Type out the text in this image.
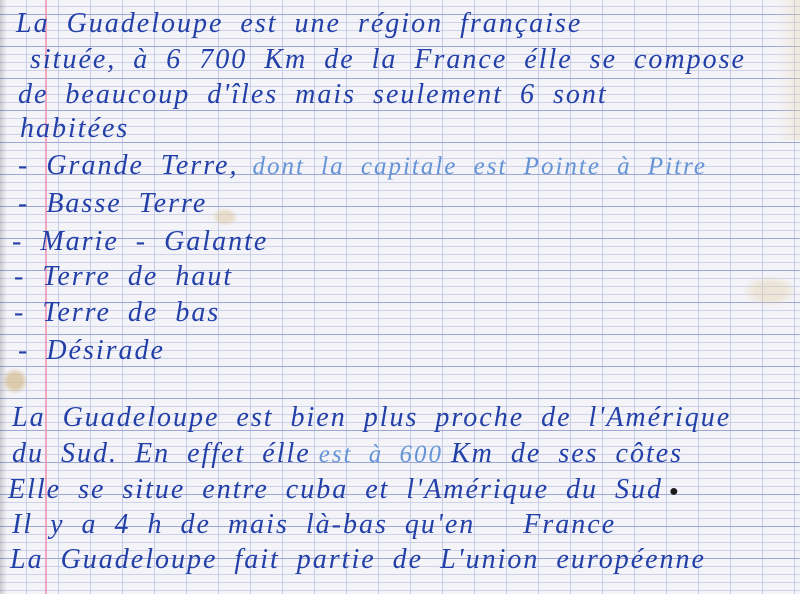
La Guadeloupe est une région française
située, à 6 700 Km de la France élle se compose
de beaucoup d'îles mais seulement 6 sont
habitées
- Grande Terre, dont la capitale est Pointe à Pitre
- Basse Terre
- Marie - Galante
- Terre de haut
- Terre de bas
- Désirade
La Guadeloupe est bien plus proche de l'Amérique
du Sud. En effet élle est à 600 Km de ses côtes
Elle se situe entre cuba et l'Amérique du Sud ●
Il y a 4 h de mais là-bas qu'en France
La Guadeloupe fait partie de L'union européenne
